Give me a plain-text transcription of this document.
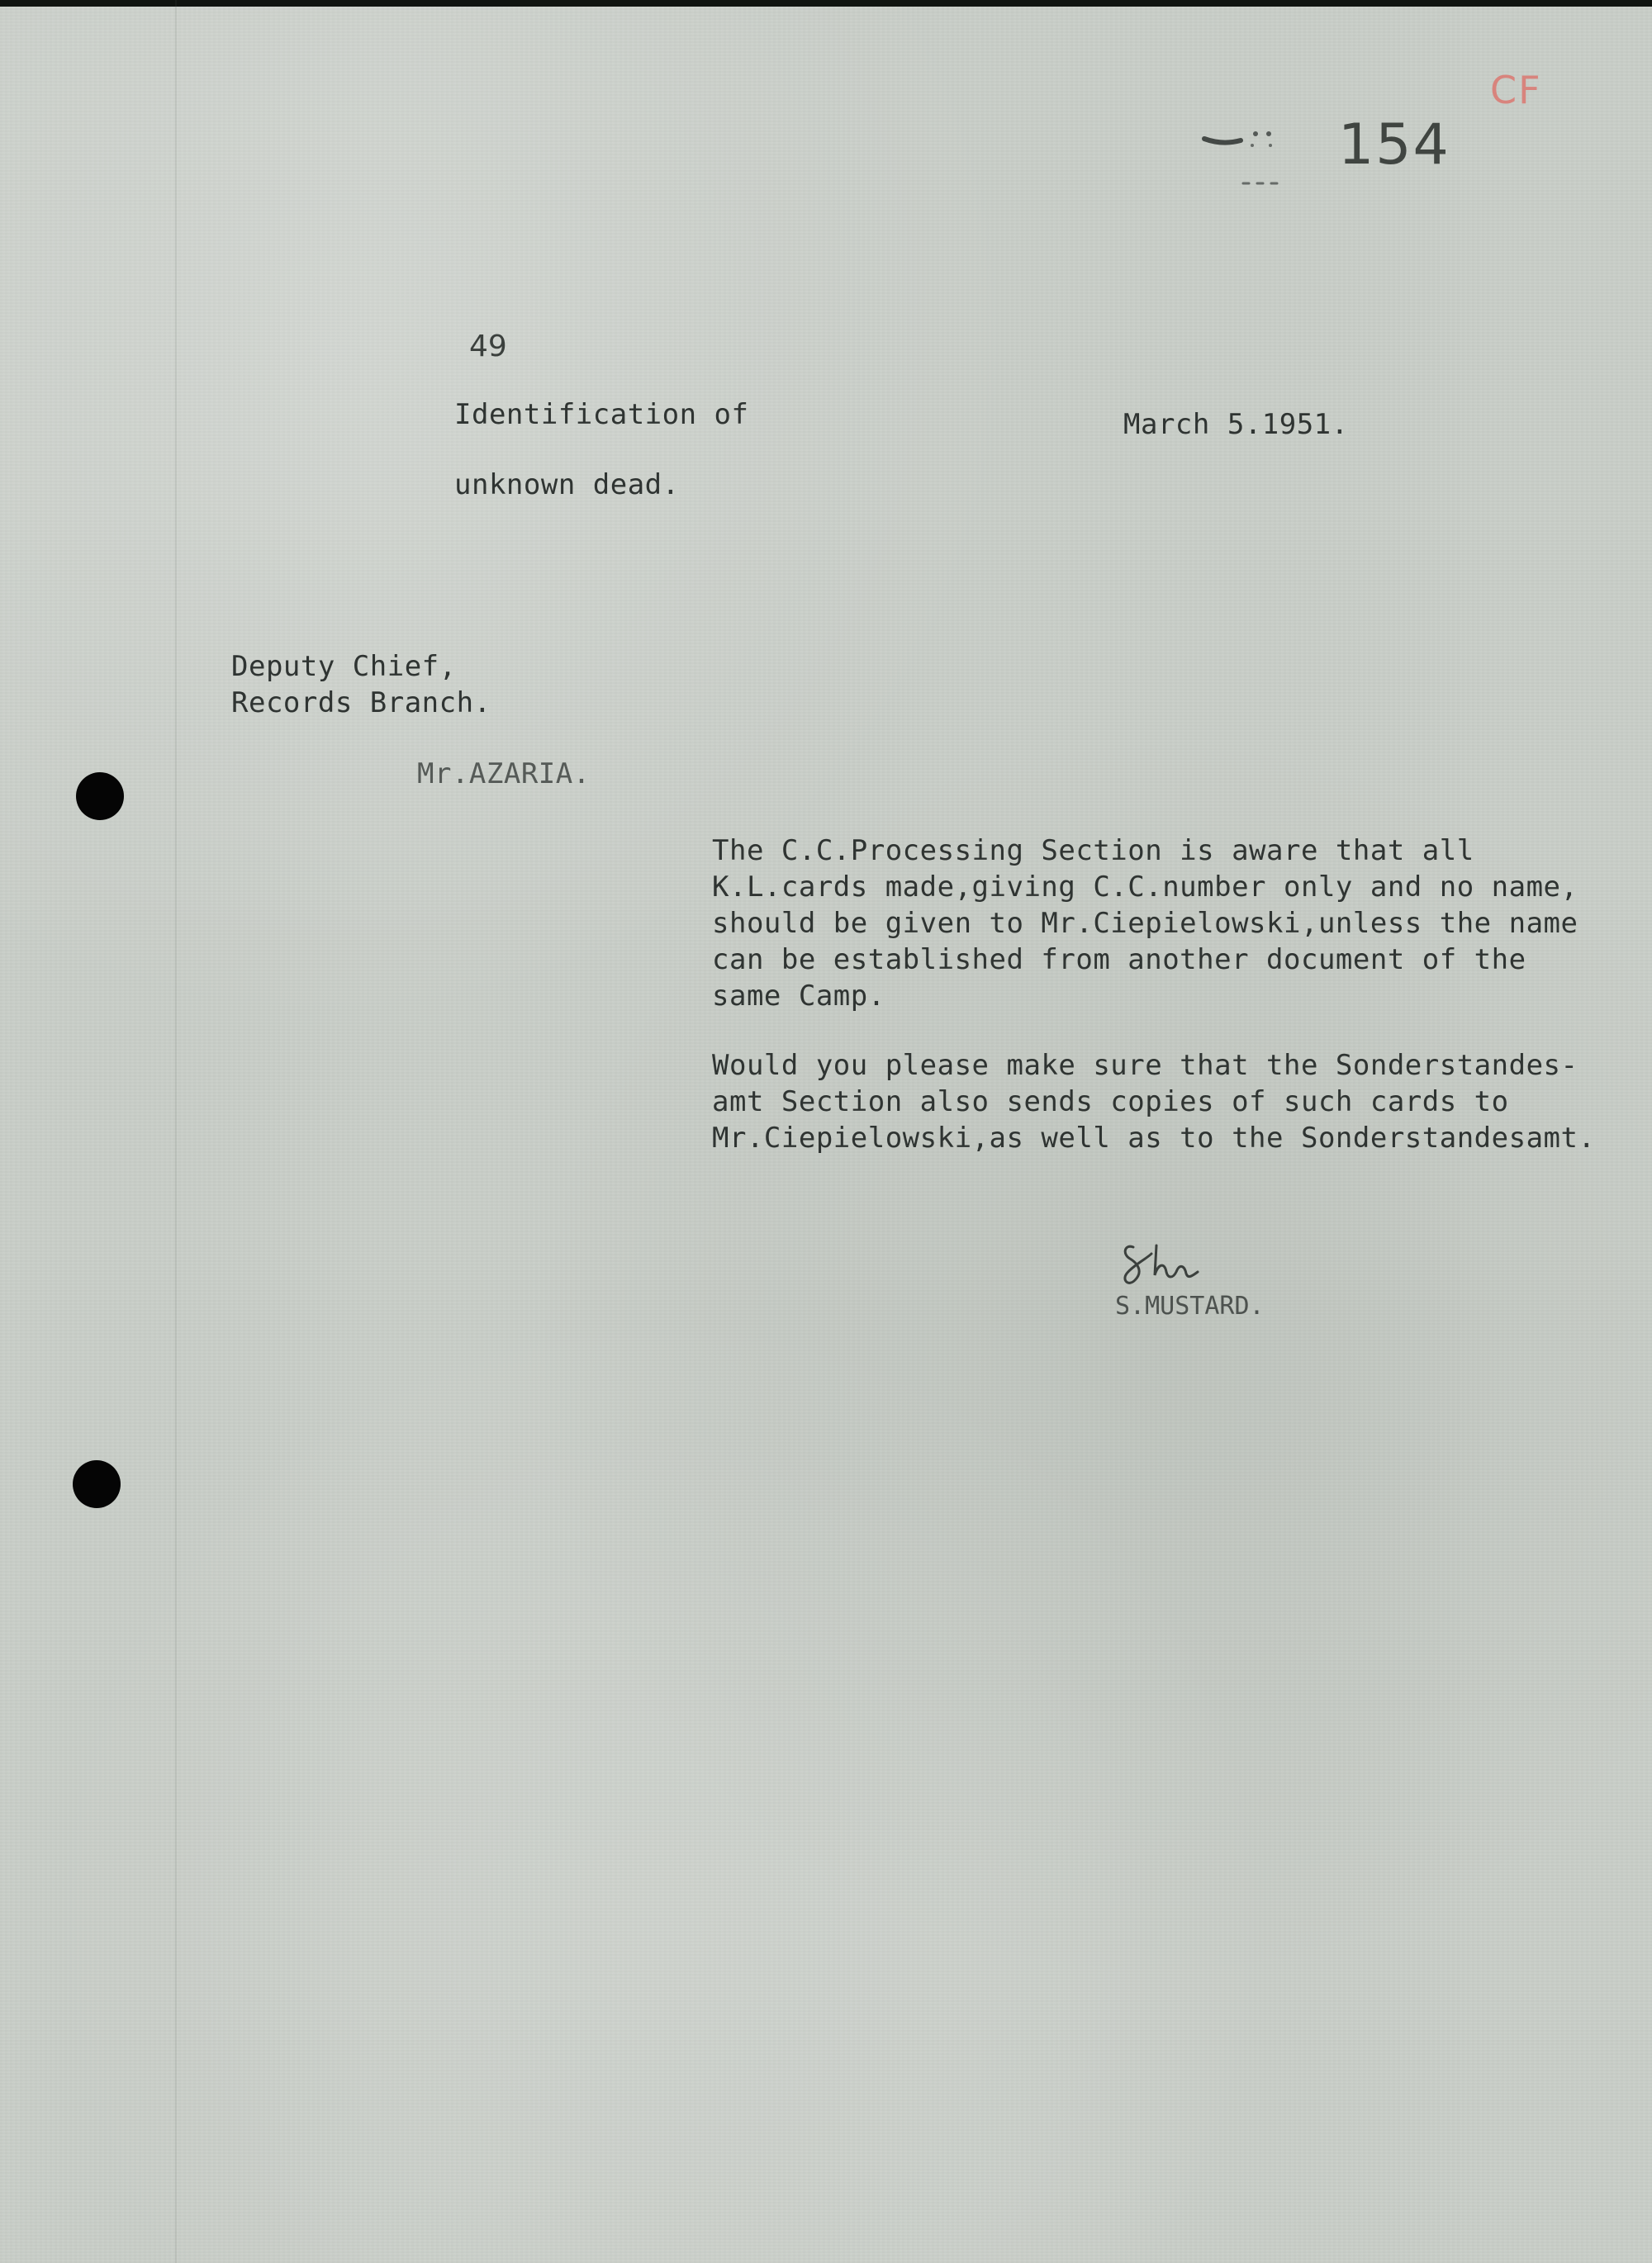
154
CF
49
Identification of
unknown dead.
March 5.1951.
Deputy Chief,
Records Branch.
Mr.AZARIA.
The C.C.Processing Section is aware that all
K.L.cards made,giving C.C.number only and no name,
should be given to Mr.Ciepielowski,unless the name
can be established from another document of the
same Camp.
Would you please make sure that the Sonderstandes-
amt Section also sends copies of such cards to
Mr.Ciepielowski,as well as to the Sonderstandesamt.
S.MUSTARD.
